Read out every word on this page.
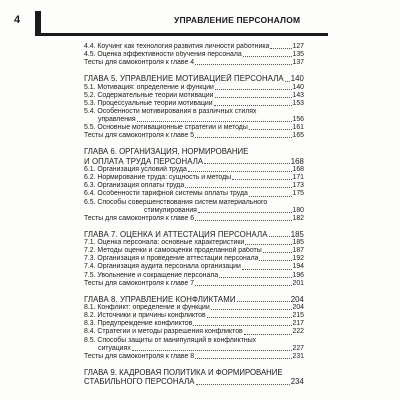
4	УПРАВЛЕНИЕ ПЕРСОНАЛОМ
4.4. Коучинг как технология развития личности работника	127
4.5. Оценка эффективности обучения персонала	135
Тесты для самоконтроля к главе 4	137
ГЛАВА 5. УПРАВЛЕНИЕ МОТИВАЦИЕЙ ПЕРСОНАЛА 140
5.1. Мотивация: определение и функции	140
5.2. Содержательные теории мотивации	143
5.3. Процессуальные теории мотивации	153
5.4. Особенности мотивирования в различных стилях
управления	156
5.5. Основные мотивационные стратегии и методы	161
Тесты для самоконтроля к главе 5	165
ГЛАВА 6. ОРГАНИЗАЦИЯ, НОРМИРОВАНИЕ
И ОПЛАТА ТРУДА ПЕРСОНАЛА	168
6.1. Организация условий труда	168
6.2. Нормирование труда: сущность и методы	171
6.3. Организация оплаты труда	173
6.4. Особенности тарифной системы оплаты труда	175
6.5. Способы совершенствования систем материального
стимулирования	180
Тесты для самоконтроля к главе 6	182
ГЛАВА 7. ОЦЕНКА И АТТЕСТАЦИЯ ПЕРСОНАЛА	185
7.1. Оценка персонала: основные характеристики	185
7.2. Методы оценки и самооценки проделанной работы	187
7.3. Организация и проведение аттестации персонала	192
7.4. Организация аудита персонала организации	194
7.5. Увольнение и сокращение персонала	196
Тесты для самоконтроля к главе 7	201
ГЛАВА 8. УПРАВЛЕНИЕ КОНФЛИКТАМИ	204
8.1. Конфликт: определение и функции	204
8.2. Источники и причины конфликтов	215
8.3. Предупреждение конфликтов	217
8.4. Стратегии и методы разрешения конфликтов	222
8.5. Способы защиты от манипуляций в конфликтных
ситуациях	227
Тесты для самоконтроля к главе 8	231
ГЛАВА 9. КАДРОВАЯ ПОЛИТИКА И ФОРМИРОВАНИЕ
СТАБИЛЬНОГО ПЕРСОНАЛА	234
